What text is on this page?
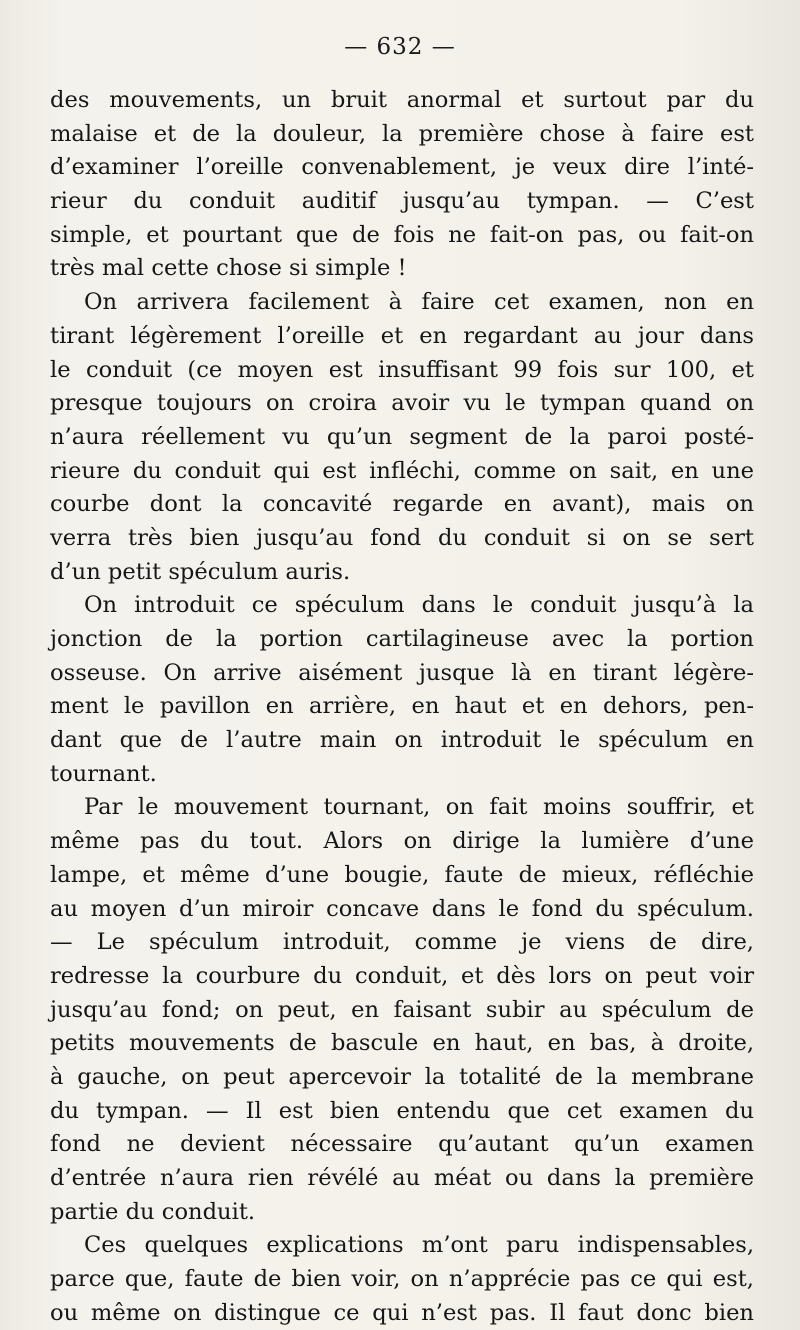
— 632 —
des mouvements, un bruit anormal et surtout par du
malaise et de la douleur, la première chose à faire est
d’examiner l’oreille convenablement, je veux dire l’inté-
rieur du conduit auditif jusqu’au tympan. — C’est
simple, et pourtant que de fois ne fait-on pas, ou fait-on
très mal cette chose si simple !
On arrivera facilement à faire cet examen, non en
tirant légèrement l’oreille et en regardant au jour dans
le conduit (ce moyen est insuffisant 99 fois sur 100, et
presque toujours on croira avoir vu le tympan quand on
n’aura réellement vu qu’un segment de la paroi posté-
rieure du conduit qui est infléchi, comme on sait, en une
courbe dont la concavité regarde en avant), mais on
verra très bien jusqu’au fond du conduit si on se sert
d’un petit spéculum auris.
On introduit ce spéculum dans le conduit jusqu’à la
jonction de la portion cartilagineuse avec la portion
osseuse. On arrive aisément jusque là en tirant légère-
ment le pavillon en arrière, en haut et en dehors, pen-
dant que de l’autre main on introduit le spéculum en
tournant.
Par le mouvement tournant, on fait moins souffrir, et
même pas du tout. Alors on dirige la lumière d’une
lampe, et même d’une bougie, faute de mieux, réfléchie
au moyen d’un miroir concave dans le fond du spéculum.
— Le spéculum introduit, comme je viens de dire,
redresse la courbure du conduit, et dès lors on peut voir
jusqu’au fond; on peut, en faisant subir au spéculum de
petits mouvements de bascule en haut, en bas, à droite,
à gauche, on peut apercevoir la totalité de la membrane
du tympan. — Il est bien entendu que cet examen du
fond ne devient nécessaire qu’autant qu’un examen
d’entrée n’aura rien révélé au méat ou dans la première
partie du conduit.
Ces quelques explications m’ont paru indispensables,
parce que, faute de bien voir, on n’apprécie pas ce qui est,
ou même on distingue ce qui n’est pas. Il faut donc bien
